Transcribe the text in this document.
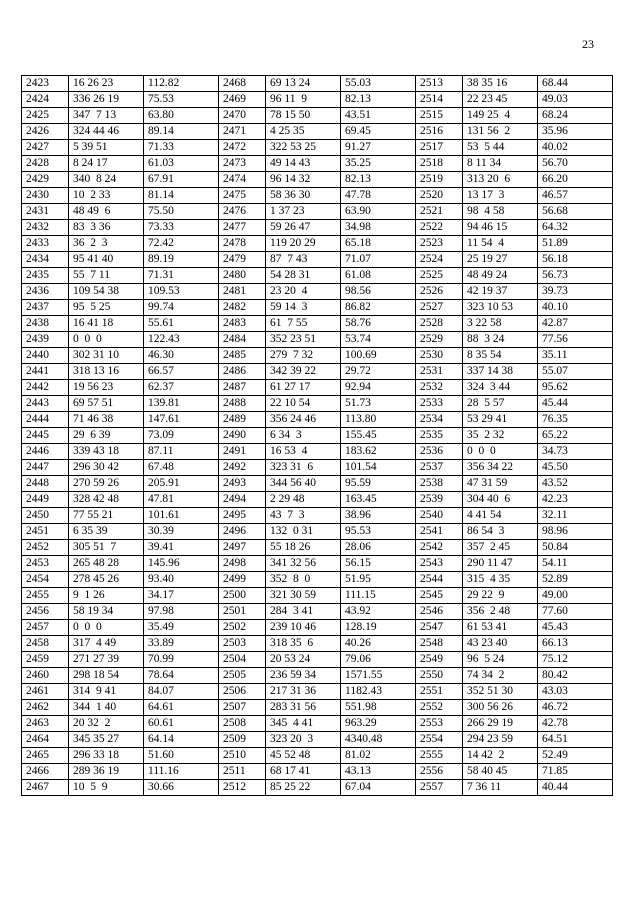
23
2423	16 26 23	112.82	2468	69 13 24	55.03	2513	38 35 16	68.44
2424	336 26 19	75.53	2469	96 11  9	82.13	2514	22 23 45	49.03
2425	347  7 13	63.80	2470	78 15 50	43.51	2515	149 25  4	68.24
2426	324 44 46	89.14	2471	4 25 35	69.45	2516	131 56  2	35.96
2427	5 39 51	71.33	2472	322 53 25	91.27	2517	53  5 44	40.02
2428	8 24 17	61.03	2473	49 14 43	35.25	2518	8 11 34	56.70
2429	340  8 24	67.91	2474	96 14 32	82.13	2519	313 20  6	66.20
2430	10  2 33	81.14	2475	58 36 30	47.78	2520	13 17  3	46.57
2431	48 49  6	75.50	2476	1 37 23	63.90	2521	98  4 58	56.68
2432	83  3 36	73.33	2477	59 26 47	34.98	2522	94 46 15	64.32
2433	36  2  3	72.42	2478	119 20 29	65.18	2523	11 54  4	51.89
2434	95 41 40	89.19	2479	87  7 43	71.07	2524	25 19 27	56.18
2435	55  7 11	71.31	2480	54 28 31	61.08	2525	48 49 24	56.73
2436	109 54 38	109.53	2481	23 20  4	98.56	2526	42 19 37	39.73
2437	95  5 25	99.74	2482	59 14  3	86.82	2527	323 10 53	40.10
2438	16 41 18	55.61	2483	61  7 55	58.76	2528	3 22 58	42.87
2439	0  0  0	122.43	2484	352 23 51	53.74	2529	88  3 24	77.56
2440	302 31 10	46.30	2485	279  7 32	100.69	2530	8 35 54	35.11
2441	318 13 16	66.57	2486	342 39 22	29.72	2531	337 14 38	55.07
2442	19 56 23	62.37	2487	61 27 17	92.94	2532	324  3 44	95.62
2443	69 57 51	139.81	2488	22 10 54	51.73	2533	28  5 57	45.44
2444	71 46 38	147.61	2489	356 24 46	113.80	2534	53 29 41	76.35
2445	29  6 39	73.09	2490	6 34  3	155.45	2535	35  2 32	65.22
2446	339 43 18	87.11	2491	16 53  4	183.62	2536	0  0  0	34.73
2447	296 30 42	67.48	2492	323 31  6	101.54	2537	356 34 22	45.50
2448	270 59 26	205.91	2493	344 56 40	95.59	2538	47 31 59	43.52
2449	328 42 48	47.81	2494	2 29 48	163.45	2539	304 40  6	42.23
2450	77 55 21	101.61	2495	43  7  3	38.96	2540	4 41 54	32.11
2451	6 35 39	30.39	2496	132  0 31	95.53	2541	86 54  3	98.96
2452	305 51  7	39.41	2497	55 18 26	28.06	2542	357  2 45	50.84
2453	265 48 28	145.96	2498	341 32 56	56.15	2543	290 11 47	54.11
2454	278 45 26	93.40	2499	352  8  0	51.95	2544	315  4 35	52.89
2455	9  1 26	34.17	2500	321 30 59	111.15	2545	29 22  9	49.00
2456	58 19 34	97.98	2501	284  3 41	43.92	2546	356  2 48	77.60
2457	0  0  0	35.49	2502	239 10 46	128.19	2547	61 53 41	45.43
2458	317  4 49	33.89	2503	318 35  6	40.26	2548	43 23 40	66.13
2459	271 27 39	70.99	2504	20 53 24	79.06	2549	96  5 24	75.12
2460	298 18 54	78.64	2505	236 59 34	1571.55	2550	74 34  2	80.42
2461	314  9 41	84.07	2506	217 31 36	1182.43	2551	352 51 30	43.03
2462	344  1 40	64.61	2507	283 31 56	551.98	2552	300 56 26	46.72
2463	20 32  2	60.61	2508	345  4 41	963.29	2553	266 29 19	42.78
2464	345 35 27	64.14	2509	323 20  3	4340.48	2554	294 23 59	64.51
2465	296 33 18	51.60	2510	45 52 48	81.02	2555	14 42  2	52.49
2466	289 36 19	111.16	2511	68 17 41	43.13	2556	58 40 45	71.85
2467	10  5  9	30.66	2512	85 25 22	67.04	2557	7 36 11	40.44
